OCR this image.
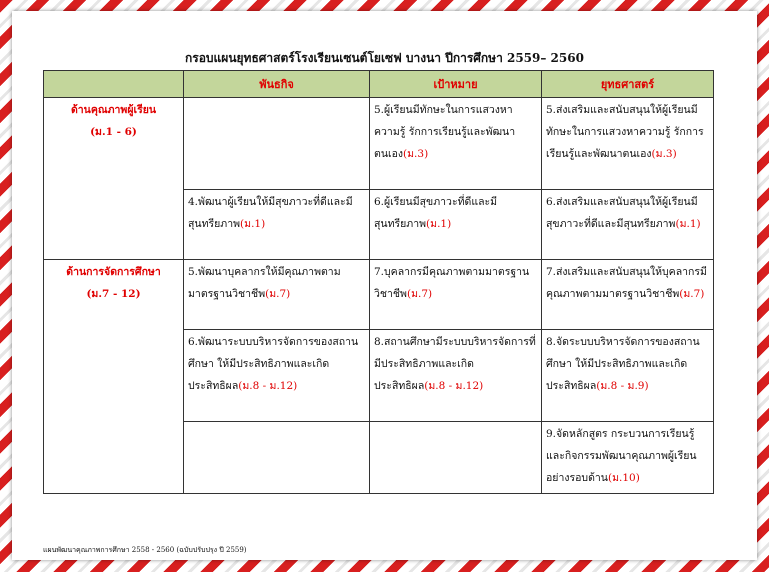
กรอบแผนยุทธศาสตร์โรงเรียนเซนต์โยเซฟ บางนา ปีการศึกษา 2559– 2560
	พันธกิจ	เป้าหมาย	ยุทธศาสตร์

ด้านคุณภาพผู้เรียน
(ม.1 - 6)		5.ผู้เรียนมีทักษะในการแสวงหาความรู้ รักการเรียนรู้และพัฒนาตนเอง(ม.3)	5.ส่งเสริมและสนับสนุนให้ผู้เรียนมีทักษะในการแสวงหาความรู้ รักการเรียนรู้และพัฒนาตนเอง(ม.3)
	4.พัฒนาผู้เรียนให้มีสุขภาวะที่ดีและมีสุนทรียภาพ(ม.1)	6.ผู้เรียนมีสุขภาวะที่ดีและมีสุนทรียภาพ(ม.1)	6.ส่งเสริมและสนับสนุนให้ผู้เรียนมีสุขภาวะที่ดีและมีสุนทรียภาพ(ม.1)

ด้านการจัดการศึกษา
(ม.7 - 12)	5.พัฒนาบุคลากรให้มีคุณภาพตามมาตรฐานวิชาชีพ(ม.7)	7.บุคลากรมีคุณภาพตามมาตรฐานวิชาชีพ(ม.7)	7.ส่งเสริมและสนับสนุนให้บุคลากรมีคุณภาพตามมาตรฐานวิชาชีพ(ม.7)
	6.พัฒนาระบบบริหารจัดการของสถานศึกษา ให้มีประสิทธิภาพและเกิดประสิทธิผล(ม.8 - ม.12)	8.สถานศึกษามีระบบบริหารจัดการที่มีประสิทธิภาพและเกิดประสิทธิผล(ม.8 - ม.12)	8.จัดระบบบริหารจัดการของสถานศึกษา ให้มีประสิทธิภาพและเกิดประสิทธิผล(ม.8 - ม.9)
			9.จัดหลักสูตร กระบวนการเรียนรู้และกิจกรรมพัฒนาคุณภาพผู้เรียนอย่างรอบด้าน(ม.10)
แผนพัฒนาคุณภาพการศึกษา 2558 - 2560 (ฉบับปรับปรุง ปี 2559)
